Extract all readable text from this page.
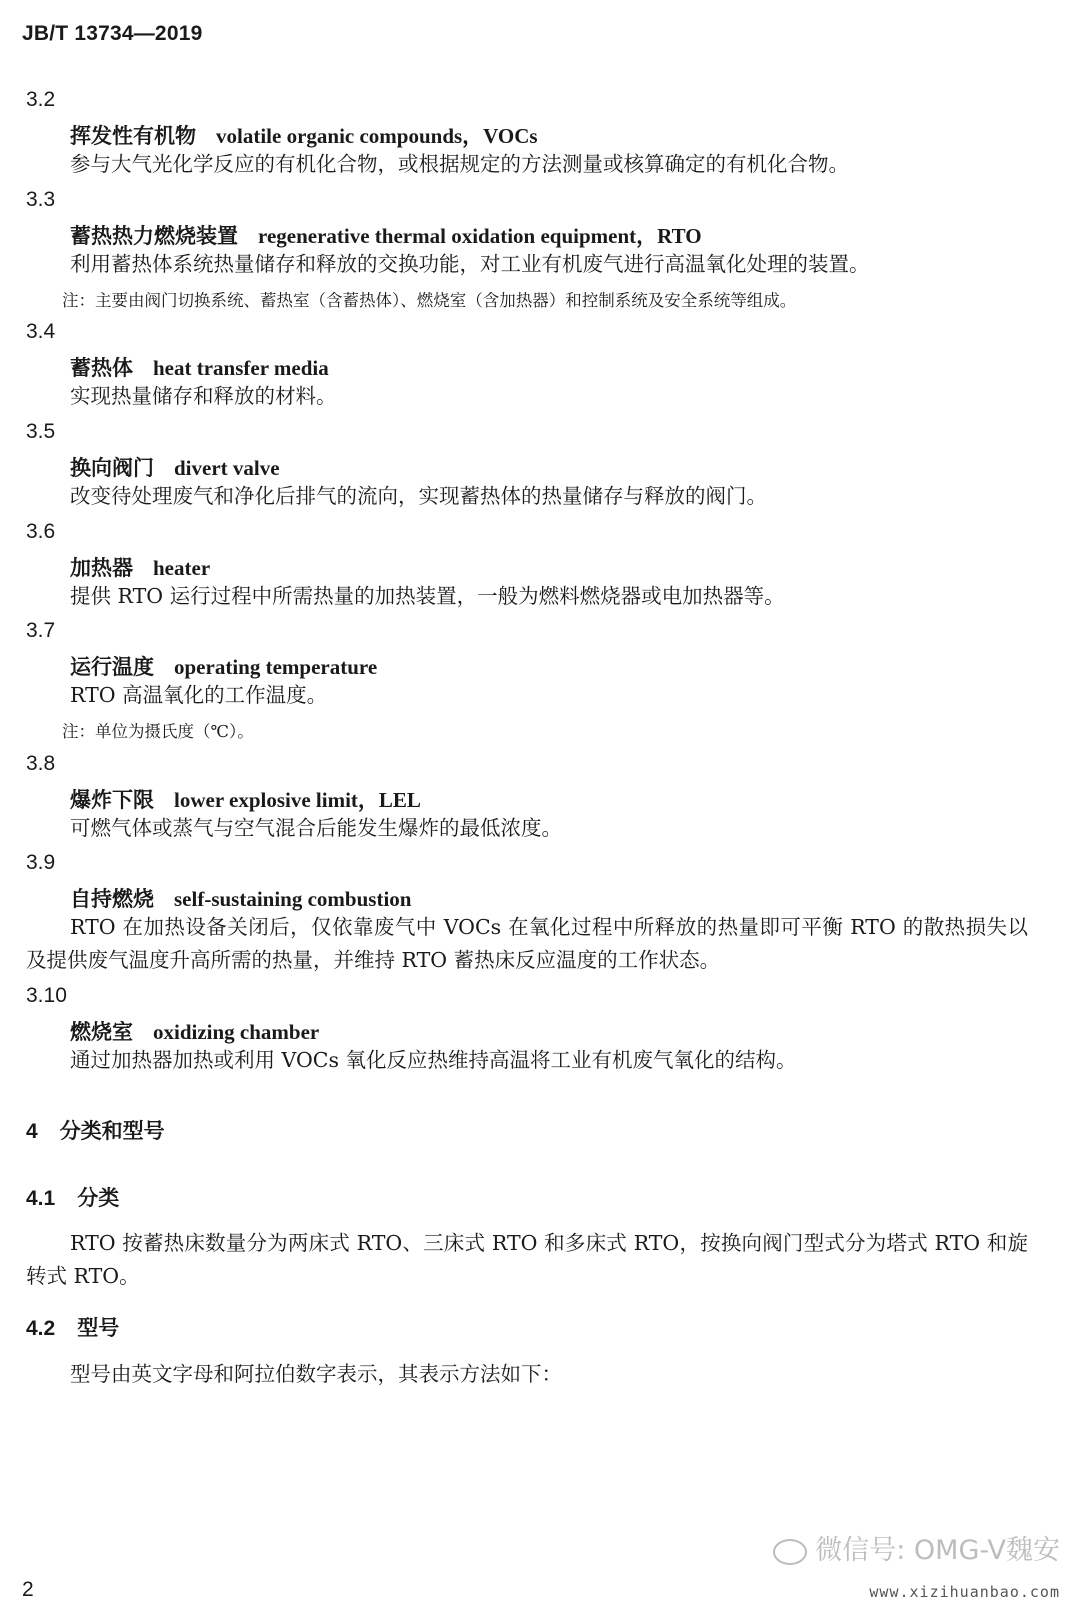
JB/T 13734—2019
3.2
挥发性有机物 volatile organic compounds，VOCs
参与大气光化学反应的有机化合物，或根据规定的方法测量或核算确定的有机化合物。
3.3
蓄热热力燃烧装置 regenerative thermal oxidation equipment，RTO
利用蓄热体系统热量储存和释放的交换功能，对工业有机废气进行高温氧化处理的装置。
注：主要由阀门切换系统、蓄热室（含蓄热体）、燃烧室（含加热器）和控制系统及安全系统等组成。
3.4
蓄热体 heat transfer media
实现热量储存和释放的材料。
3.5
换向阀门 divert valve
改变待处理废气和净化后排气的流向，实现蓄热体的热量储存与释放的阀门。
3.6
加热器 heater
提供 RTO 运行过程中所需热量的加热装置，一般为燃料燃烧器或电加热器等。
3.7
运行温度 operating temperature
RTO 高温氧化的工作温度。
注：单位为摄氏度（℃）。
3.8
爆炸下限 lower explosive limit，LEL
可燃气体或蒸气与空气混合后能发生爆炸的最低浓度。
3.9
自持燃烧 self-sustaining combustion
RTO 在加热设备关闭后，仅依靠废气中 VOCs 在氧化过程中所释放的热量即可平衡 RTO 的散热损失以及提供废气温度升高所需的热量，并维持 RTO 蓄热床反应温度的工作状态。
3.10
燃烧室 oxidizing chamber
通过加热器加热或利用 VOCs 氧化反应热维持高温将工业有机废气氧化的结构。
4 分类和型号
4.1 分类
RTO 按蓄热床数量分为两床式 RTO、三床式 RTO 和多床式 RTO，按换向阀门型式分为塔式 RTO 和旋转式 RTO。
4.2 型号
型号由英文字母和阿拉伯数字表示，其表示方法如下：
微信号: OMG-V魏安
www.xizihuanbao.com
2
